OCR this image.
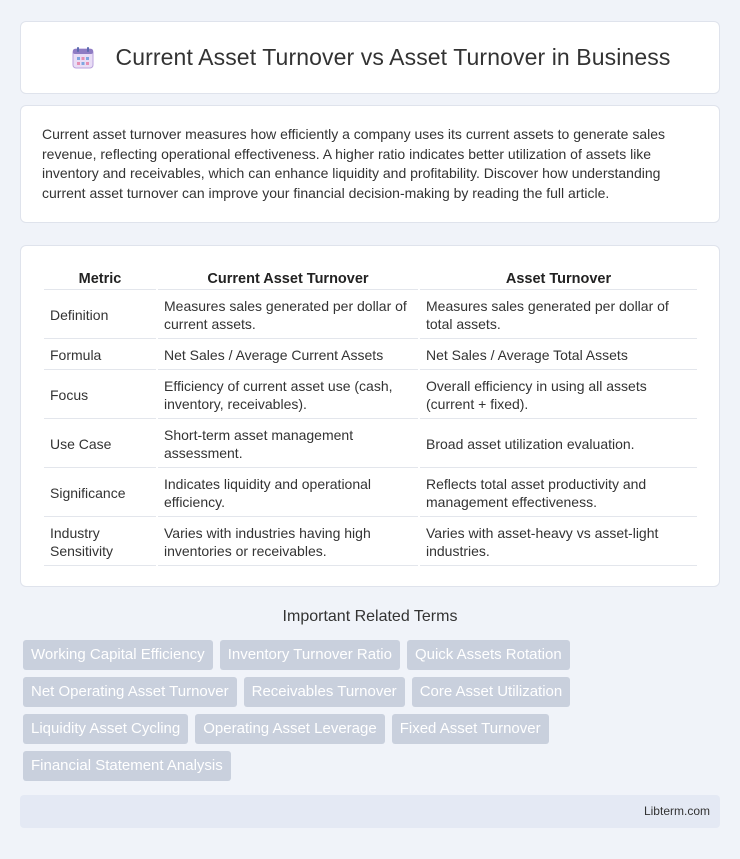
Current Asset Turnover vs Asset Turnover in Business

Current asset turnover measures how efficiently a company uses its current assets to generate sales revenue, reflecting operational effectiveness. A higher ratio indicates better utilization of assets like inventory and receivables, which can enhance liquidity and profitability. Discover how understanding current asset turnover can improve your financial decision-making by reading the full article.

Metric	Current Asset Turnover	Asset Turnover
Definition	Measures sales generated per dollar of current assets.	Measures sales generated per dollar of total assets.
Formula	Net Sales / Average Current Assets	Net Sales / Average Total Assets
Focus	Efficiency of current asset use (cash, inventory, receivables).	Overall efficiency in using all assets (current + fixed).
Use Case	Short-term asset management assessment.	Broad asset utilization evaluation.
Significance	Indicates liquidity and operational efficiency.	Reflects total asset productivity and management effectiveness.
Industry Sensitivity	Varies with industries having high inventories or receivables.	Varies with asset-heavy vs asset-light industries.
Important Related Terms
Working Capital Efficiency	Inventory Turnover Ratio	Quick Assets Rotation
Net Operating Asset Turnover	Receivables Turnover	Core Asset Utilization
Liquidity Asset Cycling	Operating Asset Leverage	Fixed Asset Turnover
Financial Statement Analysis
Libterm.com
